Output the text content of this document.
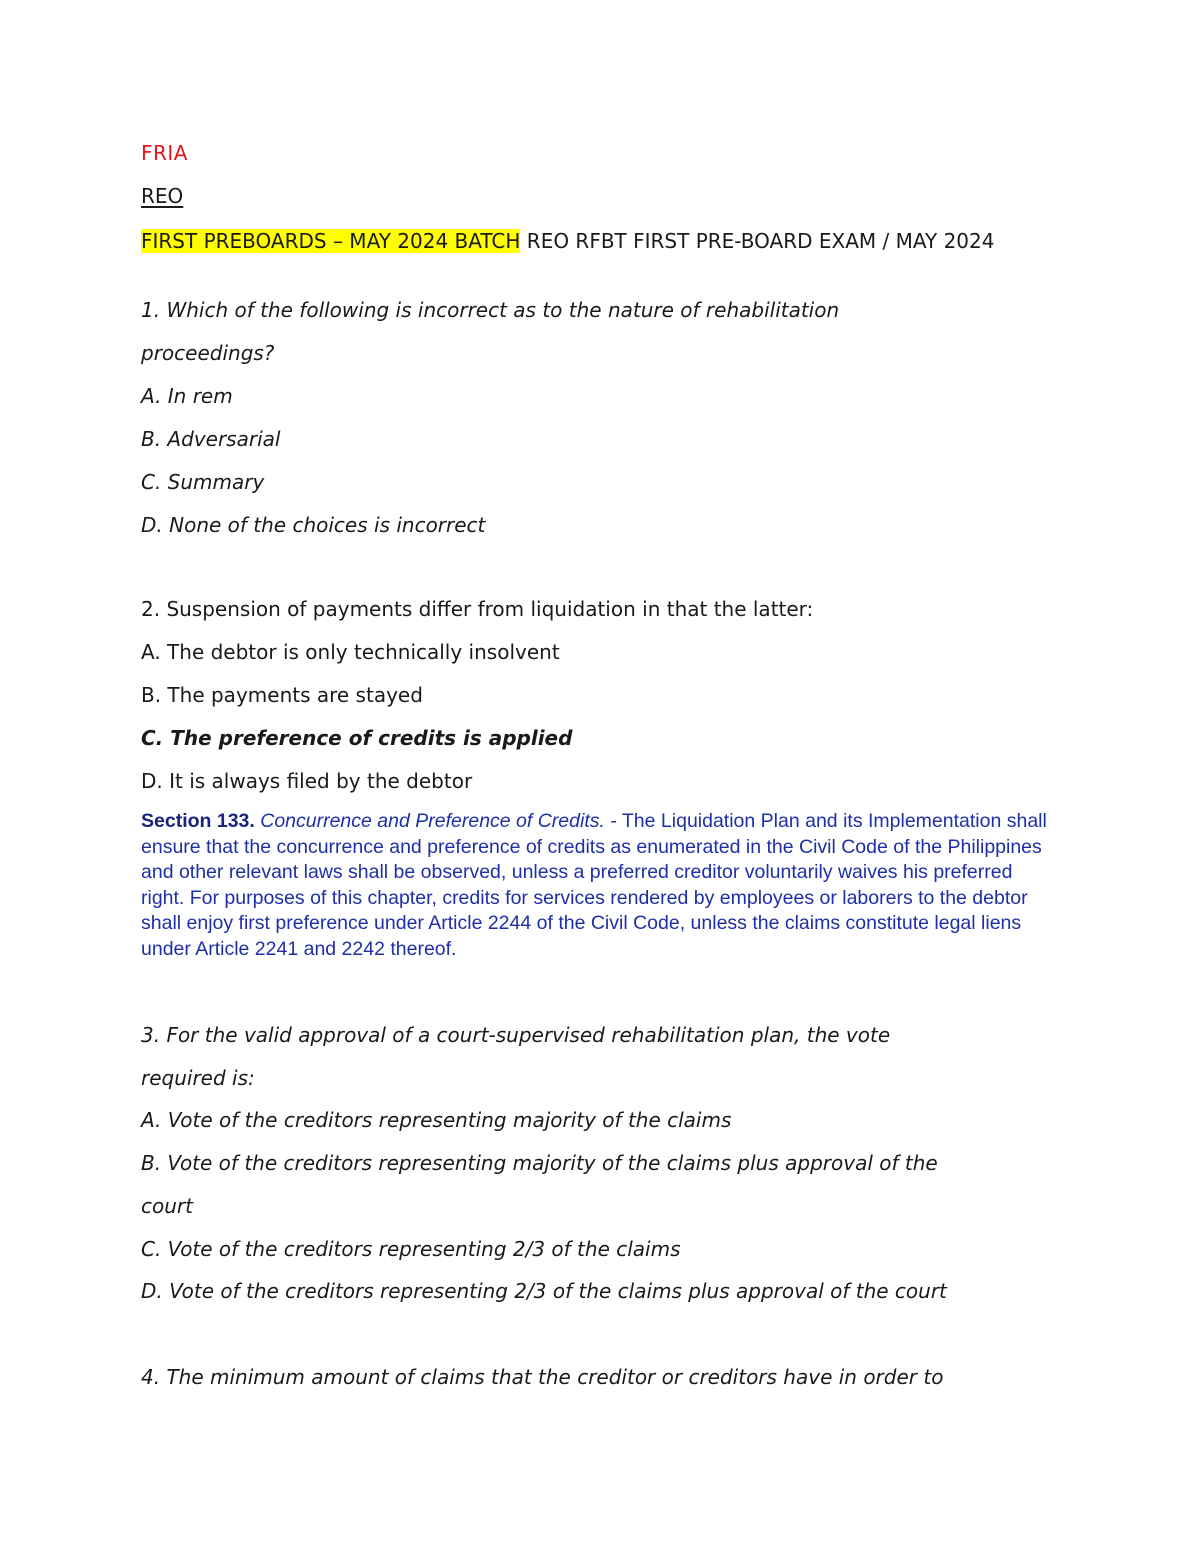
FRIA

REO

FIRST PREBOARDS – MAY 2024 BATCH REO RFBT FIRST PRE-BOARD EXAM / MAY 2024

1. Which of the following is incorrect as to the nature of rehabilitation

proceedings?

A. In rem

B. Adversarial

C. Summary

D. None of the choices is incorrect

2. Suspension of payments differ from liquidation in that the latter:

A. The debtor is only technically insolvent

B. The payments are stayed

C. The preference of credits is applied

D. It is always filed by the debtor

Section 133. Concurrence and Preference of Credits. - The Liquidation Plan and its Implementation shall ensure that the concurrence and preference of credits as enumerated in the Civil Code of the Philippines and other relevant laws shall be observed, unless a preferred creditor voluntarily waives his preferred right. For purposes of this chapter, credits for services rendered by employees or laborers to the debtor shall enjoy first preference under Article 2244 of the Civil Code, unless the claims constitute legal liens under Article 2241 and 2242 thereof.

3. For the valid approval of a court-supervised rehabilitation plan, the vote

required is:

A. Vote of the creditors representing majority of the claims

B. Vote of the creditors representing majority of the claims plus approval of the

court

C. Vote of the creditors representing 2/3 of the claims

D. Vote of the creditors representing 2/3 of the claims plus approval of the court

4. The minimum amount of claims that the creditor or creditors have in order to
